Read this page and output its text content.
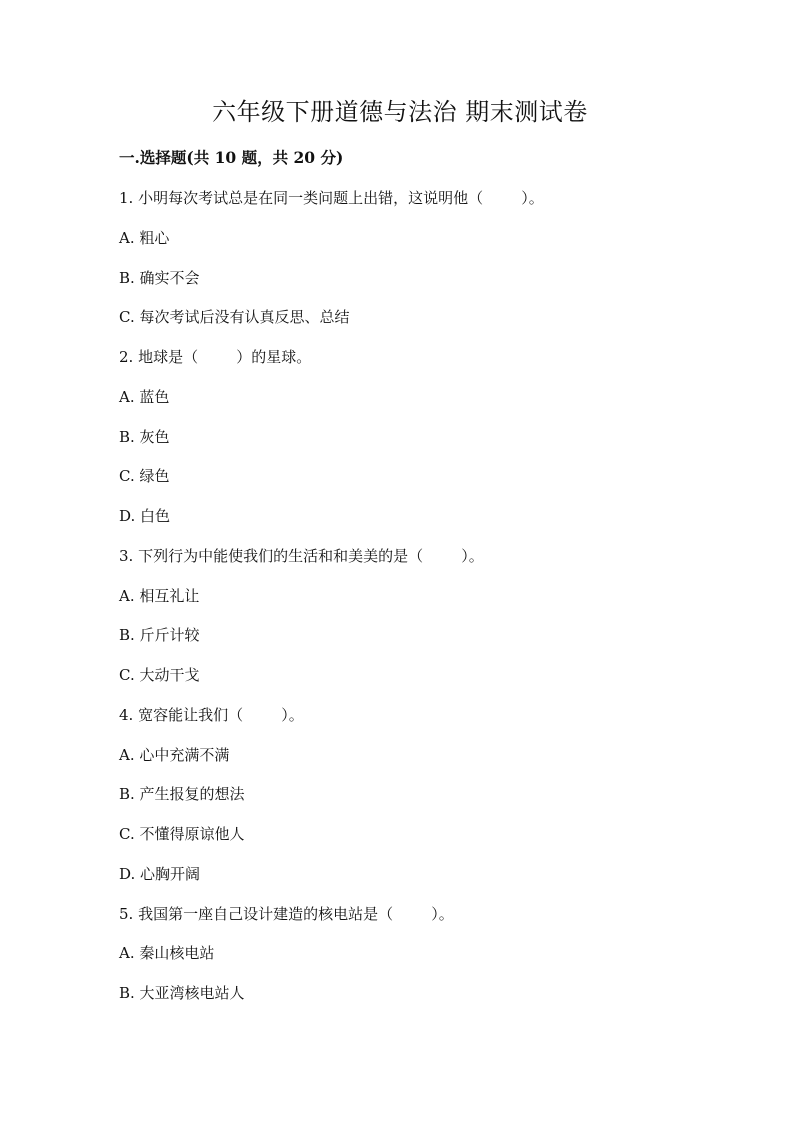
六年级下册道德与法治 期末测试卷
一.选择题(共 10 题，共 20 分)
1. 小明每次考试总是在同一类问题上出错，这说明他（        ）。
A. 粗心
B. 确实不会
C. 每次考试后没有认真反思、总结
2. 地球是（        ）的星球。
A. 蓝色
B. 灰色
C. 绿色
D. 白色
3. 下列行为中能使我们的生活和和美美的是（        ）。
A. 相互礼让
B. 斤斤计较
C. 大动干戈
4. 宽容能让我们（        ）。
A. 心中充满不满
B. 产生报复的想法
C. 不懂得原谅他人
D. 心胸开阔
5. 我国第一座自己设计建造的核电站是（        ）。
A. 秦山核电站
B. 大亚湾核电站人
